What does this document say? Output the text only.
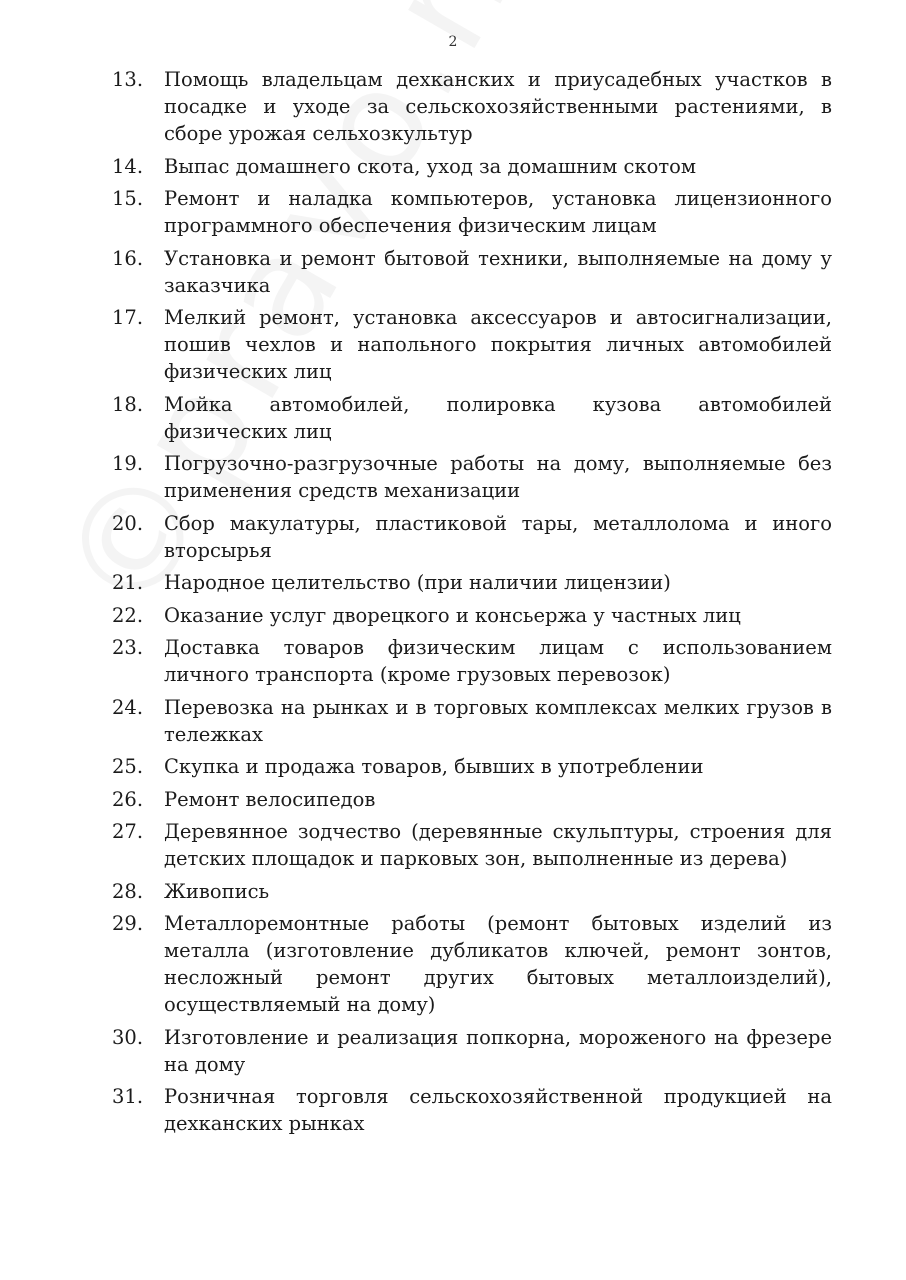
2
13.	Помощь владельцам дехканских и приусадебных участков в посадке и уходе за сельскохозяйственными растениями, в сборе урожая сельхозкультур
14.	Выпас домашнего скота, уход за домашним скотом
15.	Ремонт и наладка компьютеров, установка лицензионного программного обеспечения физическим лицам
16.	Установка и ремонт бытовой техники, выполняемые на дому у заказчика
17.	Мелкий ремонт, установка аксессуаров и автосигнализации, пошив чехлов и напольного покрытия личных автомобилей физических лиц
18.	Мойка автомобилей, полировка кузова автомобилей физических лиц
19.	Погрузочно-разгрузочные работы на дому, выполняемые без применения средств механизации
20.	Сбор макулатуры, пластиковой тары, металлолома и иного вторсырья
21.	Народное целительство (при наличии лицензии)
22.	Оказание услуг дворецкого и консьержа у частных лиц
23.	Доставка товаров физическим лицам с использованием личного транспорта (кроме грузовых перевозок)
24.	Перевозка на рынках и в торговых комплексах мелких грузов в тележках
25.	Скупка и продажа товаров, бывших в употреблении
26.	Ремонт велосипедов
27.	Деревянное зодчество (деревянные скульптуры, строения для детских площадок и парковых зон, выполненные из дерева)
28.	Живопись
29.	Металлоремонтные работы (ремонт бытовых изделий из металла (изготовление дубликатов ключей, ремонт зонтов, несложный ремонт других бытовых металлоизделий), осуществляемый на дому)
30.	Изготовление и реализация попкорна, мороженого на фрезере на дому
31.	Розничная торговля сельскохозяйственной продукцией на дехканских рынках
